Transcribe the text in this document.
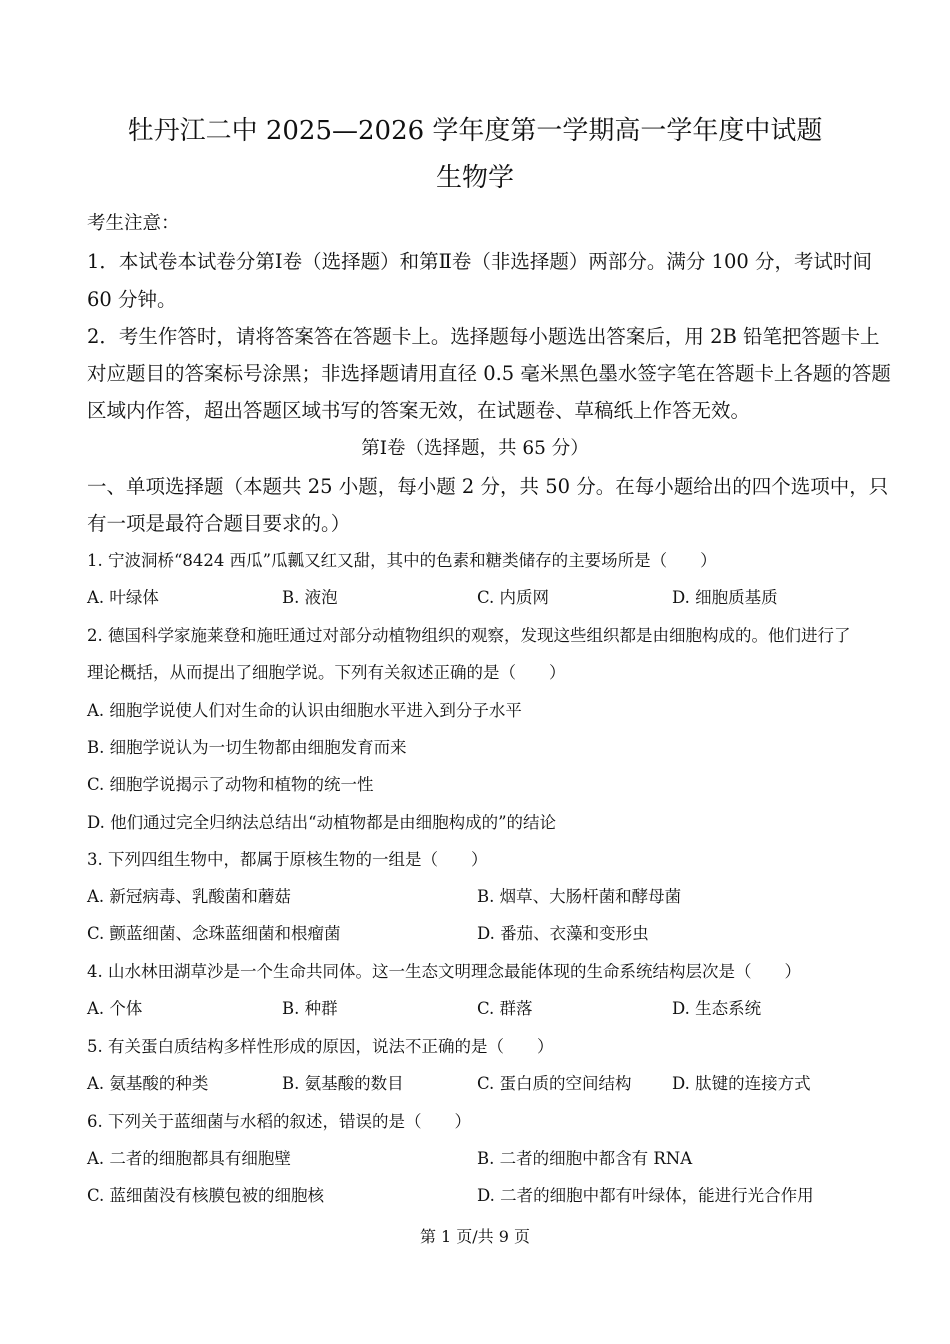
牡丹江二中 2025—2026 学年度第一学期高一学年度中试题
生物学
考生注意：
1．本试卷本试卷分第Ⅰ卷（选择题）和第Ⅱ卷（非选择题）两部分。满分 100 分，考试时间
60 分钟。
2．考生作答时，请将答案答在答题卡上。选择题每小题选出答案后，用 2B 铅笔把答题卡上
对应题目的答案标号涂黑；非选择题请用直径 0.5 毫米黑色墨水签字笔在答题卡上各题的答题
区域内作答，超出答题区域书写的答案无效，在试题卷、草稿纸上作答无效。
第Ⅰ卷（选择题，共 65 分）
一、单项选择题（本题共 25 小题，每小题 2 分，共 50 分。在每小题给出的四个选项中，只
有一项是最符合题目要求的。）
1. 宁波洞桥“8424 西瓜”瓜瓤又红又甜，其中的色素和糖类储存的主要场所是（　　）
A. 叶绿体	B. 液泡	C. 内质网	D. 细胞质基质
2. 德国科学家施莱登和施旺通过对部分动植物组织的观察，发现这些组织都是由细胞构成的。他们进行了
理论概括，从而提出了细胞学说。下列有关叙述正确的是（　　）
A. 细胞学说使人们对生命的认识由细胞水平进入到分子水平
B. 细胞学说认为一切生物都由细胞发育而来
C. 细胞学说揭示了动物和植物的统一性
D. 他们通过完全归纳法总结出“动植物都是由细胞构成的”的结论
3. 下列四组生物中，都属于原核生物的一组是（　　）
A. 新冠病毒、乳酸菌和蘑菇	B. 烟草、大肠杆菌和酵母菌
C. 颤蓝细菌、念珠蓝细菌和根瘤菌	D. 番茄、衣藻和变形虫
4. 山水林田湖草沙是一个生命共同体。这一生态文明理念最能体现的生命系统结构层次是（　　）
A. 个体	B. 种群	C. 群落	D. 生态系统
5. 有关蛋白质结构多样性形成的原因，说法不正确的是（　　）
A. 氨基酸的种类	B. 氨基酸的数目	C. 蛋白质的空间结构 D. 肽键的连接方式
6. 下列关于蓝细菌与水稻的叙述，错误的是（　　）
A. 二者的细胞都具有细胞壁	B. 二者的细胞中都含有 RNA
C. 蓝细菌没有核膜包被的细胞核	D. 二者的细胞中都有叶绿体，能进行光合作用
第 1 页/共 9 页
